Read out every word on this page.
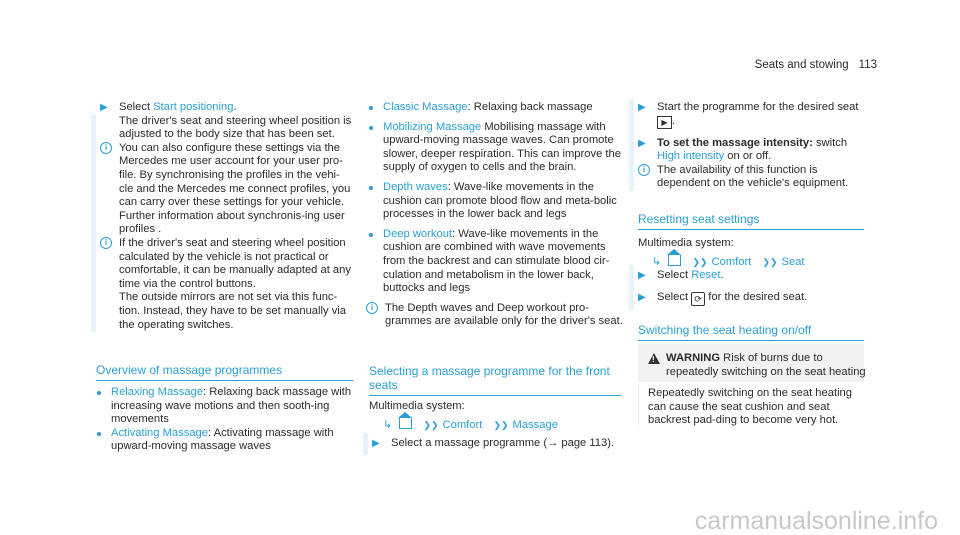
Seats and stowing 113
▶	Select Start positioning.
The driver's seat and steering wheel position is adjusted to the body size that has been set.
i	You can also configure these settings via the Mercedes me user account for your user pro-file. By synchronising the profiles in the vehi-cle and the Mercedes me connect profiles, you can carry over these settings for your vehicle. Further information about synchronis-ing user profiles .
i	If the driver's seat and steering wheel position calculated by the vehicle is not practical or comfortable, it can be manually adapted at any time via the control buttons.
The outside mirrors are not set via this func-tion. Instead, they have to be set manually via the operating switches.
Overview of massage programmes
Relaxing Massage: Relaxing back massage with increasing wave motions and then sooth-ing movements
Activating Massage: Activating massage with upward-moving massage waves
Classic Massage: Relaxing back massage
Mobilizing Massage Mobilising massage with upward-moving massage waves. Can promote slower, deeper respiration. This can improve the supply of oxygen to cells and the brain.
Depth waves: Wave-like movements in the cushion can promote blood flow and meta-bolic processes in the lower back and legs
Deep workout: Wave-like movements in the cushion are combined with wave movements from the backrest and can stimulate blood cir-culation and metabolism in the lower back, buttocks and legs
i	The Depth waves and Deep workout pro-grammes are available only for the driver's seat.
Selecting a massage programme for the front seats
Multimedia system:
↳	❯❯ Comfort ❯❯ Massage
▶	Select a massage programme (→ page 113).
▶	Start the programme for the desired seat ▶ .
▶	To set the massage intensity: switch High intensity on or off.
i	The availability of this function is dependent on the vehicle's equipment.
Resetting seat settings
Multimedia system:
↳	❯❯ Comfort ❯❯ Seat
▶	Select Reset.
▶	Select ⟳ for the desired seat.
Switching the seat heating on/off
! WARNING Risk of burns due to repeatedly switching on the seat heating
Repeatedly switching on the seat heating can cause the seat cushion and seat backrest pad-ding to become very hot.
carmanualsonline.info
